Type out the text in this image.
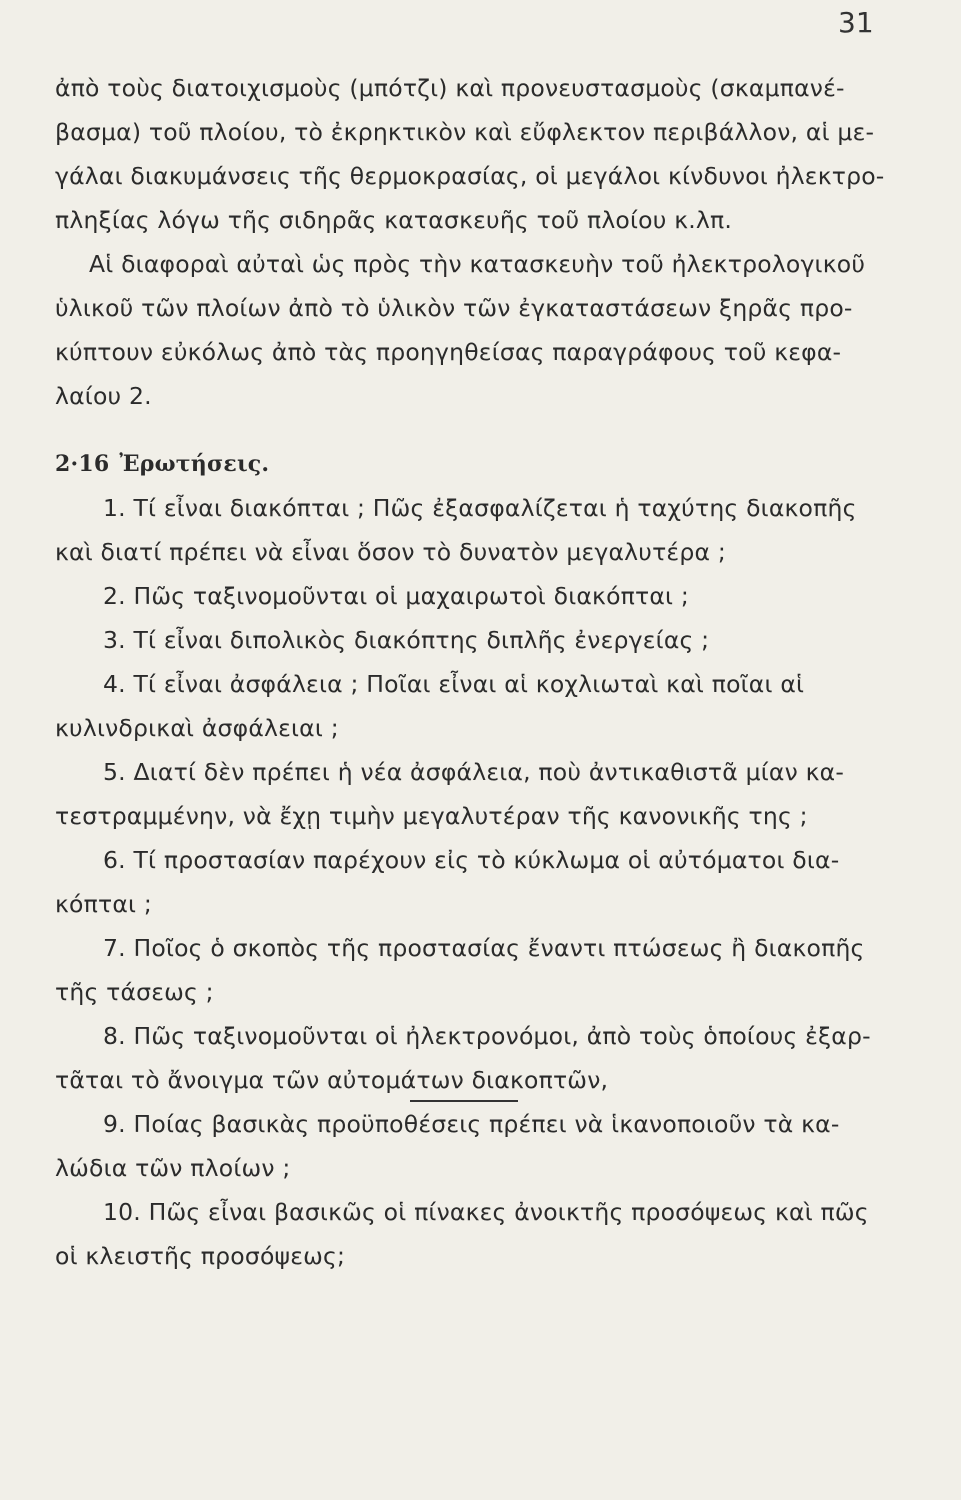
31
ἀπὸ τοὺς διατοιχισμοὺς (μπότζι) καὶ προνευστασμοὺς (σκαμπανέ-
βασμα) τοῦ πλοίου, τὸ ἐκρηκτικὸν καὶ εὔφλεκτον περιβάλλον, αἱ με-
γάλαι διακυμάνσεις τῆς θερμοκρασίας, οἱ μεγάλοι κίνδυνοι ἠλεκτρο-
πληξίας λόγω τῆς σιδηρᾶς κατασκευῆς τοῦ πλοίου κ.λπ.
Αἱ διαφοραὶ αὐταὶ ὡς πρὸς τὴν κατασκευὴν τοῦ ἠλεκτρολογικοῦ
ὑλικοῦ τῶν πλοίων ἀπὸ τὸ ὑλικὸν τῶν ἐγκαταστάσεων ξηρᾶς προ-
κύπτουν εὐκόλως ἀπὸ τὰς προηγηθείσας παραγράφους τοῦ κεφα-
λαίου 2.
2·16 Ἐρωτήσεις.
1. Τί εἶναι διακόπται ; Πῶς ἐξασφαλίζεται ἡ ταχύτης διακοπῆς
καὶ διατί πρέπει νὰ εἶναι ὅσον τὸ δυνατὸν μεγαλυτέρα ;
2. Πῶς ταξινομοῦνται οἱ μαχαιρωτοὶ διακόπται ;
3. Τί εἶναι διπολικὸς διακόπτης διπλῆς ἐνεργείας ;
4. Τί εἶναι ἀσφάλεια ; Ποῖαι εἶναι αἱ κοχλιωταὶ καὶ ποῖαι αἱ
κυλινδρικαὶ ἀσφάλειαι ;
5. Διατί δὲν πρέπει ἡ νέα ἀσφάλεια, ποὺ ἀντικαθιστᾶ μίαν κα-
τεστραμμένην, νὰ ἔχῃ τιμὴν μεγαλυτέραν τῆς κανονικῆς της ;
6. Τί προστασίαν παρέχουν εἰς τὸ κύκλωμα οἱ αὐτόματοι δια-
κόπται ;
7. Ποῖος ὁ σκοπὸς τῆς προστασίας ἔναντι πτώσεως ἢ διακοπῆς
τῆς τάσεως ;
8. Πῶς ταξινομοῦνται οἱ ἠλεκτρονόμοι, ἀπὸ τοὺς ὁποίους ἐξαρ-
τᾶται τὸ ἄνοιγμα τῶν αὐτομάτων διακοπτῶν,
9. Ποίας βασικὰς προϋποθέσεις πρέπει νὰ ἱκανοποιοῦν τὰ κα-
λώδια τῶν πλοίων ;
10. Πῶς εἶναι βασικῶς οἱ πίνακες ἀνοικτῆς προσόψεως καὶ πῶς
οἱ κλειστῆς προσόψεως;
